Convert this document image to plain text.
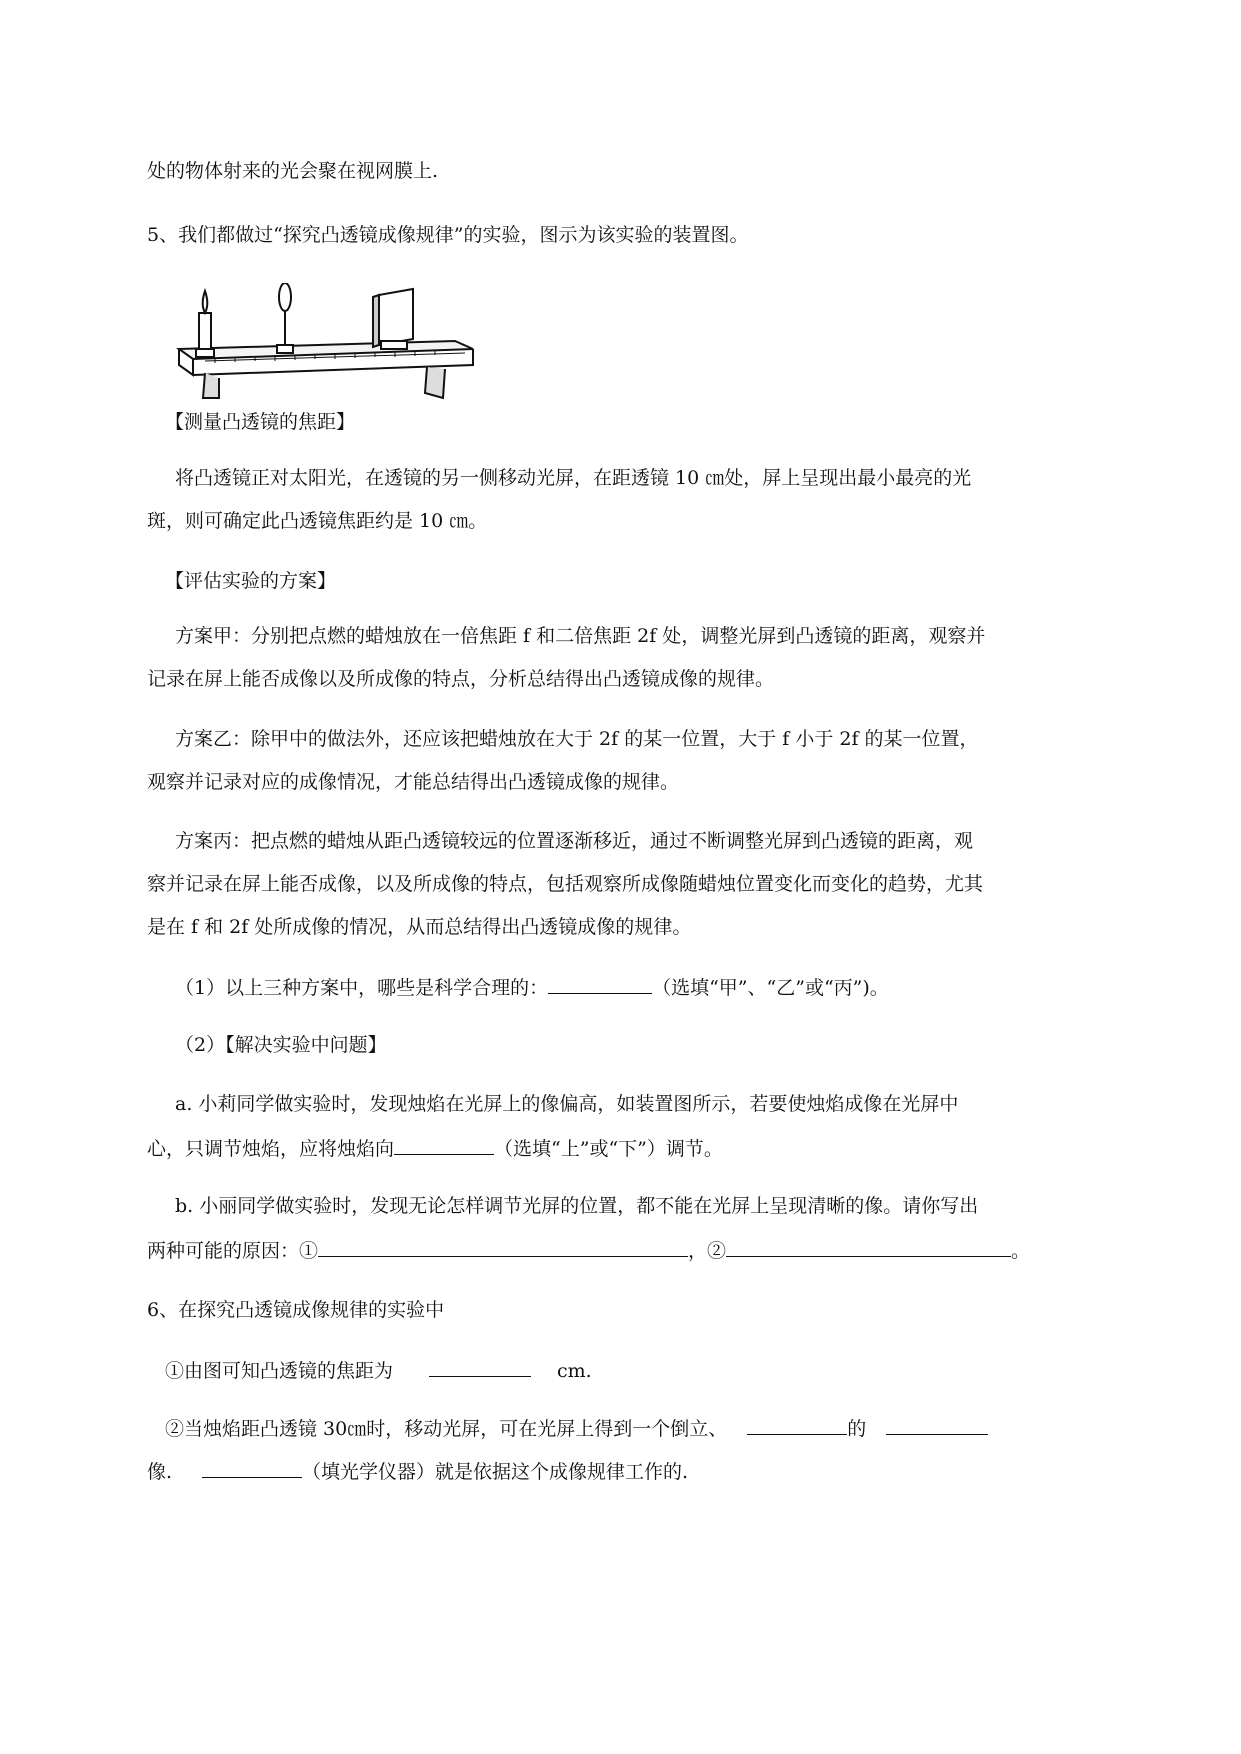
处的物体射来的光会聚在视网膜上.
5、我们都做过“探究凸透镜成像规律”的实验，图示为该实验的装置图。
【测量凸透镜的焦距】
将凸透镜正对太阳光，在透镜的另一侧移动光屏，在距透镜 10 ㎝处，屏上呈现出最小最亮的光
斑，则可确定此凸透镜焦距约是 10 ㎝。
【评估实验的方案】
方案甲：分别把点燃的蜡烛放在一倍焦距 f 和二倍焦距 2f 处，调整光屏到凸透镜的距离，观察并
记录在屏上能否成像以及所成像的特点，分析总结得出凸透镜成像的规律。
方案乙：除甲中的做法外，还应该把蜡烛放在大于 2f 的某一位置，大于 f 小于 2f 的某一位置，
观察并记录对应的成像情况，才能总结得出凸透镜成像的规律。
方案丙：把点燃的蜡烛从距凸透镜较远的位置逐渐移近，通过不断调整光屏到凸透镜的距离，观
察并记录在屏上能否成像，以及所成像的特点，包括观察所成像随蜡烛位置变化而变化的趋势，尤其
是在 f 和 2f 处所成像的情况，从而总结得出凸透镜成像的规律。
（1）以上三种方案中，哪些是科学合理的：	（选填“甲”、“乙”或“丙”)。
（2）【解决实验中问题】
a. 小莉同学做实验时，发现烛焰在光屏上的像偏高，如装置图所示，若要使烛焰成像在光屏中
心，只调节烛焰，应将烛焰向	（选填“上”或“下”）调节。
b. 小丽同学做实验时，发现无论怎样调节光屏的位置，都不能在光屏上呈现清晰的像。请你写出
两种可能的原因：①	，②	。
6、在探究凸透镜成像规律的实验中
①由图可知凸透镜的焦距为	cm.
②当烛焰距凸透镜 30㎝时，移动光屏，可在光屏上得到一个倒立、	的
像.	（填光学仪器）就是依据这个成像规律工作的.
